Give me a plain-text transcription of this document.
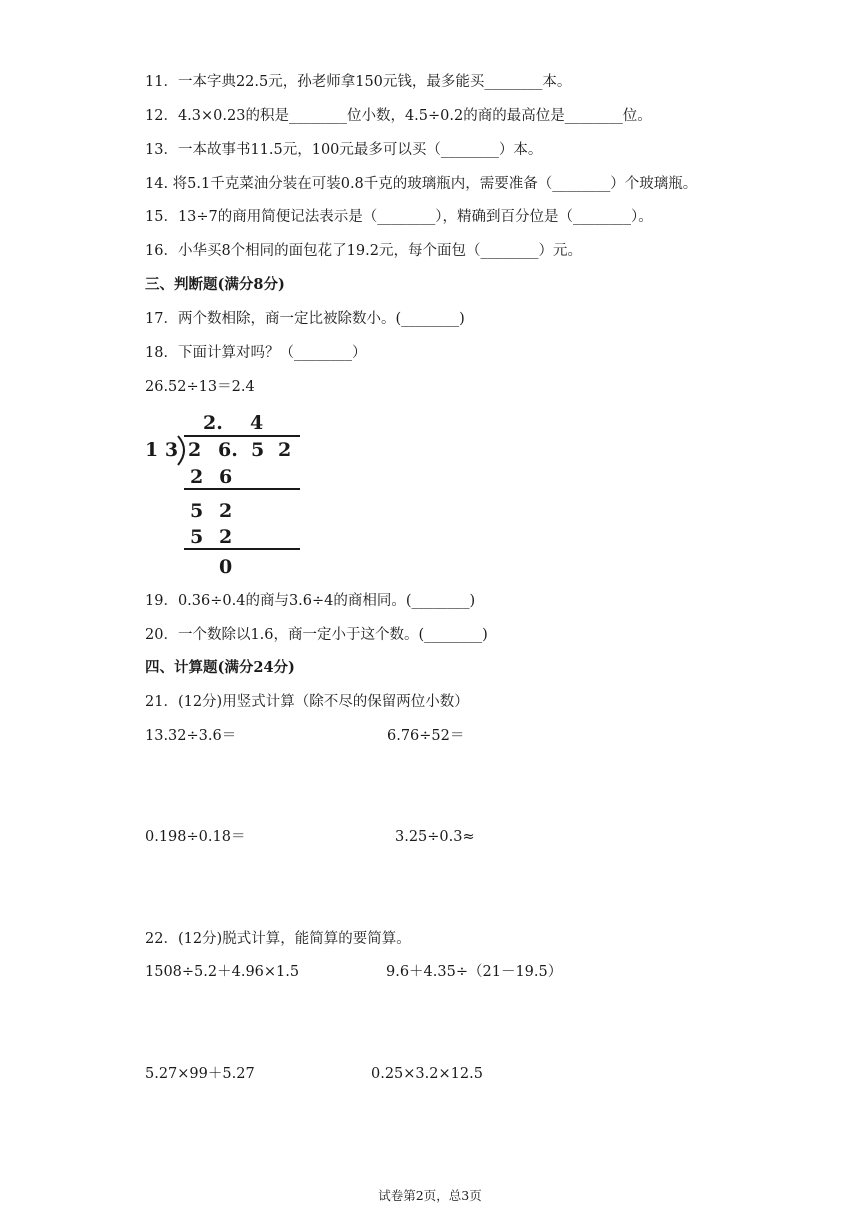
11．一本字典22.5元，孙老师拿150元钱，最多能买________本。
12．4.3×0.23的积是________位小数，4.5÷0.2的商的最高位是________位。
13．一本故事书11.5元，100元最多可以买（________）本。
14. 将5.1千克菜油分装在可装0.8千克的玻璃瓶内，需要准备（________）个玻璃瓶。
15．13÷7的商用简便记法表示是（________），精确到百分位是（________）。
16．小华买8个相同的面包花了19.2元，每个面包（________）元。
三、判断题(满分8分)
17．两个数相除，商一定比被除数小。(________)
18．下面计算对吗？（________）
26.52÷13＝2.4
2. 4
1 3 2 6. 5 2
2 6
5 2
5 2
0
19．0.36÷0.4的商与3.6÷4的商相同。(________)
20．一个数除以1.6，商一定小于这个数。(________)
四、计算题(满分24分)
21．(12分)用竖式计算（除不尽的保留两位小数）
13.32÷3.6＝	6.76÷52＝
0.198÷0.18＝	3.25÷0.3≈
22．(12分)脱式计算，能简算的要简算。
1508÷5.2＋4.96×1.5	9.6＋4.35÷（21－19.5）
5.27×99＋5.27	0.25×3.2×12.5
试卷第2页，总3页
